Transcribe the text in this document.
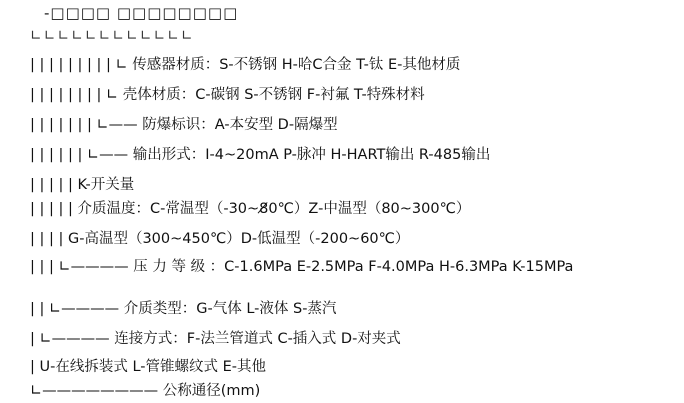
-□□□□ □□□□□□□□
∟∟∟∟∟∟∟∟∟∟∟∟
| | | | | | | | | ∟ 传感器材质：S-不锈钢 H-哈C合金 T-钛 E-其他材质
| | | | | | | | ∟ 壳体材质：C-碳钢 S-不锈钢 F-衬氟 T-特殊材料
| | | | | | | ∟—— 防爆标识：A-本安型 D-隔爆型
| | | | | | ∟—— 输出形式：I-4~20mA P-脉冲 H-HART输出 R-485输出
| | | | | K-开关量
| | | | | 介质温度：C-常温型（-30~8̸0℃）Z-中温型（80~300℃）
| | | | G-高温型（300~450℃）D-低温型（-200~60℃）
| | | ∟———— 压 力 等 级 ：C-1.6MPa E-2.5MPa F-4.0MPa H-6.3MPa K-15MPa
| | ∟———— 介质类型：G-气体 L-液体 S-蒸汽
| ∟———— 连接方式：F-法兰管道式 C-插入式 D-对夹式
| U-在线拆装式 L-管锥螺纹式 E-其他
∟———————— 公称通径(mm)
